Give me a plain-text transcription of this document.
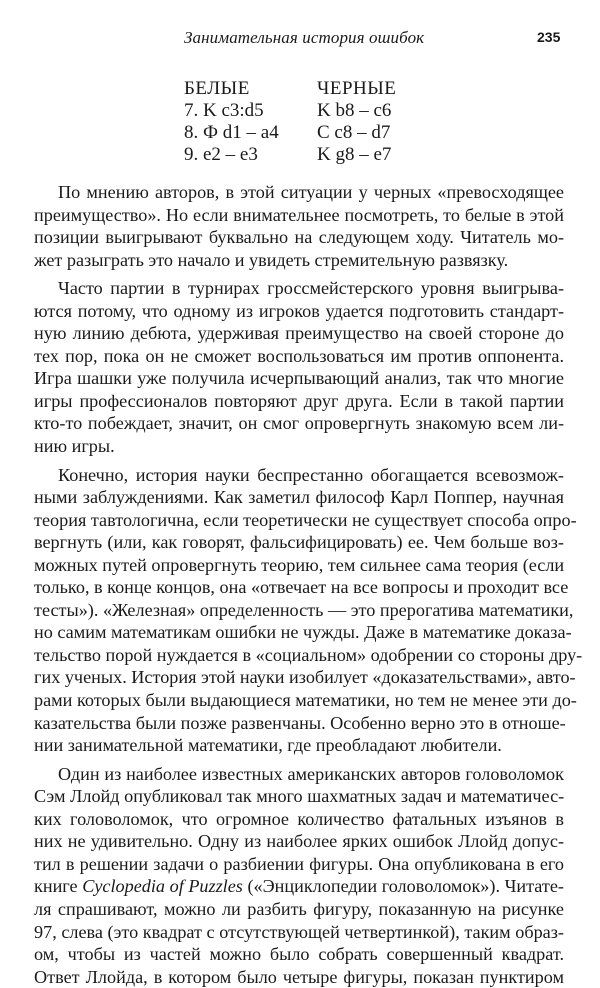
Занимательная история ошибок	235
БЕЛЫЕ
7. K c3:d5
8. Ф d1 – a4
9. e2 – e3
ЧЕРНЫЕ
K b8 – c6
C c8 – d7
K g8 – e7

По мнению авторов, в этой ситуации у черных «превосходящее
преимущество». Но если внимательнее посмотреть, то белые в этой
позиции выигрывают буквально на следующем ходу. Читатель мо-
жет разыграть это начало и увидеть стремительную развязку.

Часто партии в турнирах гроссмейстерского уровня выигрыва-
ются потому, что одному из игроков удается подготовить стандарт-
ную линию дебюта, удерживая преимущество на своей стороне до
тех пор, пока он не сможет воспользоваться им против оппонента.
Игра шашки уже получила исчерпывающий анализ, так что многие
игры профессионалов повторяют друг друга. Если в такой партии
кто-то побеждает, значит, он смог опровергнуть знакомую всем ли-
нию игры.

Конечно, история науки беспрестанно обогащается всевозмож-
ными заблуждениями. Как заметил философ Карл Поппер, научная
теория тавтологична, если теоретически не существует способа опро-
вергнуть (или, как говорят, фальсифицировать) ее. Чем больше воз-
можных путей опровергнуть теорию, тем сильнее сама теория (если
только, в конце концов, она «отвечает на все вопросы и проходит все
тесты»). «Железная» определенность — это прерогатива математики,
но самим математикам ошибки не чужды. Даже в математике доказа-
тельство порой нуждается в «социальном» одобрении со стороны дру-
гих ученых. История этой науки изобилует «доказательствами», авто-
рами которых были выдающиеся математики, но тем не менее эти до-
казательства были позже развенчаны. Особенно верно это в отноше-
нии занимательной математики, где преобладают любители.

Один из наиболее известных американских авторов головоломок
Сэм Ллойд опубликовал так много шахматных задач и математичес-
ких головоломок, что огромное количество фатальных изъянов в
них не удивительно. Одну из наиболее ярких ошибок Ллойд допус-
тил в решении задачи о разбиении фигуры. Она опубликована в его
книге Cyclopedia of Puzzles («Энциклопедии головоломок»). Читате-
ля спрашивают, можно ли разбить фигуру, показанную на рисунке
97, слева (это квадрат с отсутствующей четвертинкой), таким образ-
ом, чтобы из частей можно было собрать совершенный квадрат.
Ответ Ллойда, в котором было четыре фигуры, показан пунктиром
